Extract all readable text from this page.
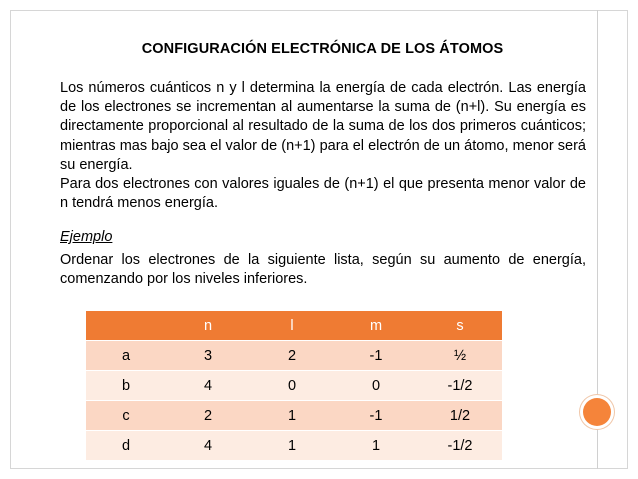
CONFIGURACIÓN ELECTRÓNICA DE LOS ÁTOMOS

Los números cuánticos n y l determina la energía de cada electrón. Las energía de los electrones se incrementan al aumentarse la suma de (n+l). Su energía es directamente proporcional al resultado de la suma de los dos primeros cuánticos; mientras mas bajo sea el valor de (n+1) para el electrón de un átomo, menor será su energía.

Para dos electrones con valores iguales de (n+1) el que presenta menor valor de n tendrá menos energía.

Ejemplo

Ordenar los electrones de la siguiente lista, según su aumento de energía, comenzando por los niveles inferiores.

	n	l	m	s
a	3	2	-1	½
b	4	0	0	-1/2
c	2	1	-1	1/2
d	4	1	1	-1/2
